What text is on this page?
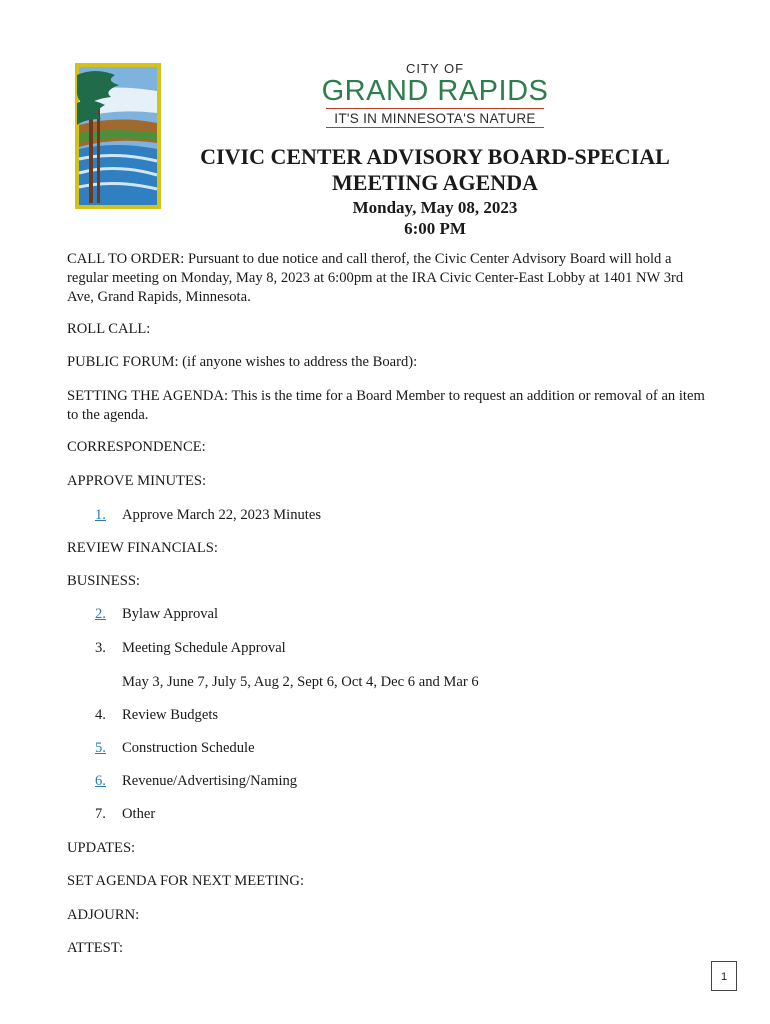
CITY OF
GRAND RAPIDS
IT'S IN MINNESOTA'S NATURE
CIVIC CENTER ADVISORY BOARD-SPECIAL MEETING AGENDA
Monday, May 08, 2023
6:00 PM

CALL TO ORDER: Pursuant to due notice and call therof, the Civic Center Advisory Board will hold a regular meeting on Monday, May 8, 2023 at 6:00pm at the IRA Civic Center-East Lobby at 1401 NW 3rd Ave, Grand Rapids, Minnesota.

ROLL CALL:

PUBLIC FORUM: (if anyone wishes to address the Board):

SETTING THE AGENDA: This is the time for a Board Member to request an addition or removal of an item to the agenda.

CORRESPONDENCE:

APPROVE MINUTES:

1. Approve March 22, 2023 Minutes

REVIEW FINANCIALS:

BUSINESS:

2. Bylaw Approval
3. Meeting Schedule Approval
May 3, June 7, July 5, Aug 2, Sept 6, Oct 4, Dec 6 and Mar 6
4. Review Budgets
5. Construction Schedule
6. Revenue/Advertising/Naming
7. Other

UPDATES:

SET AGENDA FOR NEXT MEETING:

ADJOURN:

ATTEST:

1
